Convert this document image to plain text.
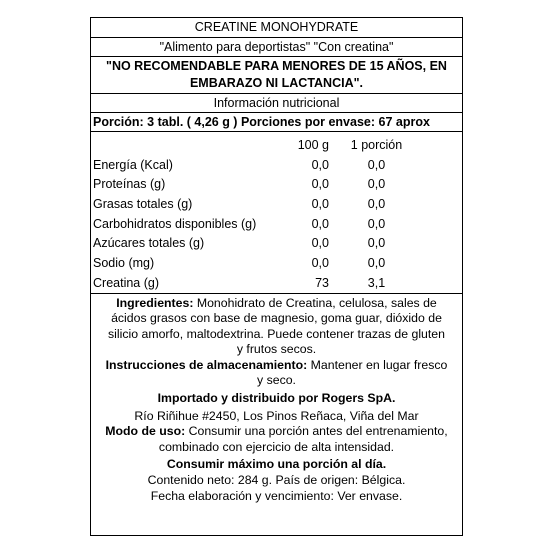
CREATINE MONOHYDRATE
"Alimento para deportistas" "Con creatina"
"NO RECOMENDABLE PARA MENORES DE 15 AÑOS, EN EMBARAZO NI LACTANCIA".
Información nutricional
Porción: 3 tabl. ( 4,26 g ) Porciones por envase: 67 aprox
	100 g	1 porción
Energía (Kcal)	0,0	0,0
Proteínas (g)	0,0	0,0
Grasas totales (g)	0,0	0,0
Carbohidratos disponibles (g)	0,0	0,0
Azúcares totales (g)	0,0	0,0
Sodio (mg)	0,0	0,0
Creatina (g)	73	3,1

Ingredientes: Monohidrato de Creatina, celulosa, sales de

ácidos grasos con base de magnesio, goma guar, dióxido de

silicio amorfo, maltodextrina. Puede contener trazas de gluten

y frutos secos.

Instrucciones de almacenamiento: Mantener en lugar fresco

y seco.

Importado y distribuido por Rogers SpA.

Río Riñihue #2450, Los Pinos Reñaca, Viña del Mar

Modo de uso: Consumir una porción antes del entrenamiento,

combinado con ejercicio de alta intensidad.

Consumir máximo una porción al día.

Contenido neto: 284 g. País de origen: Bélgica.

Fecha elaboración y vencimiento: Ver envase.
